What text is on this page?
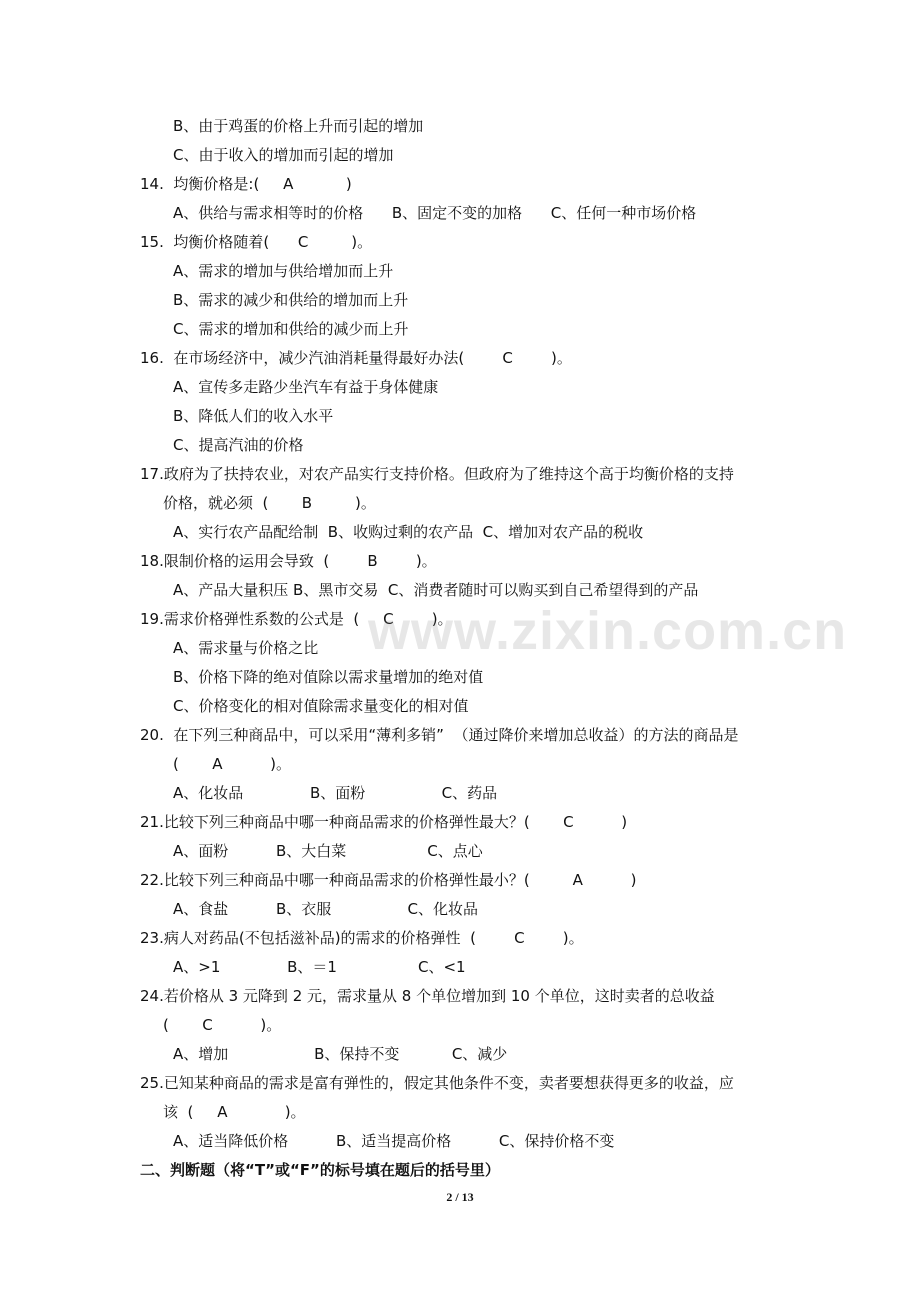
B、由于鸡蛋的价格上升而引起的增加
C、由于收入的增加而引起的增加
14.  均衡价格是:(     A           )
A、供给与需求相等时的价格      B、固定不变的加格      C、任何一种市场价格
15.  均衡价格随着(      C         )。
A、需求的增加与供给增加而上升
B、需求的减少和供给的增加而上升
C、需求的增加和供给的减少而上升
16.  在市场经济中，减少汽油消耗量得最好办法(        C        )。
A、宣传多走路少坐汽车有益于身体健康
B、降低人们的收入水平
C、提高汽油的价格
17.政府为了扶持农业，对农产品实行支持价格。但政府为了维持这个高于均衡价格的支持
价格，就必须  (       B         )。
A、实行农产品配给制  B、收购过剩的农产品  C、增加对农产品的税收
18.限制价格的运用会导致  (        B        )。
A、产品大量积压 B、黑市交易  C、消费者随时可以购买到自己希望得到的产品
19.需求价格弹性系数的公式是  (     C        )。
A、需求量与价格之比
B、价格下降的绝对值除以需求量增加的绝对值
C、价格变化的相对值除需求量变化的相对值
20.  在下列三种商品中，可以采用“薄利多销”  （通过降价来增加总收益）的方法的商品是
(       A          )。
A、化妆品              B、面粉                C、药品
21.比较下列三种商品中哪一种商品需求的价格弹性最大？(       C          )
A、面粉          B、大白菜                 C、点心
22.比较下列三种商品中哪一种商品需求的价格弹性最小？(         A          )
A、食盐          B、衣服                C、化妆品
23.病人对药品(不包括滋补品)的需求的价格弹性  (        C        )。
A、>1              B、＝1                 C、<1
24.若价格从 3 元降到 2 元，需求量从 8 个单位增加到 10 个单位，这时卖者的总收益
(       C          )。
A、增加                  B、保持不变           C、减少
25.已知某种商品的需求是富有弹性的，假定其他条件不变，卖者要想获得更多的收益，应
该  (     A            )。
A、适当降低价格          B、适当提高价格          C、保持价格不变
二、判断题（将“T”或“F”的标号填在题后的括号里）
www.zixin.com.cn
2 / 13
